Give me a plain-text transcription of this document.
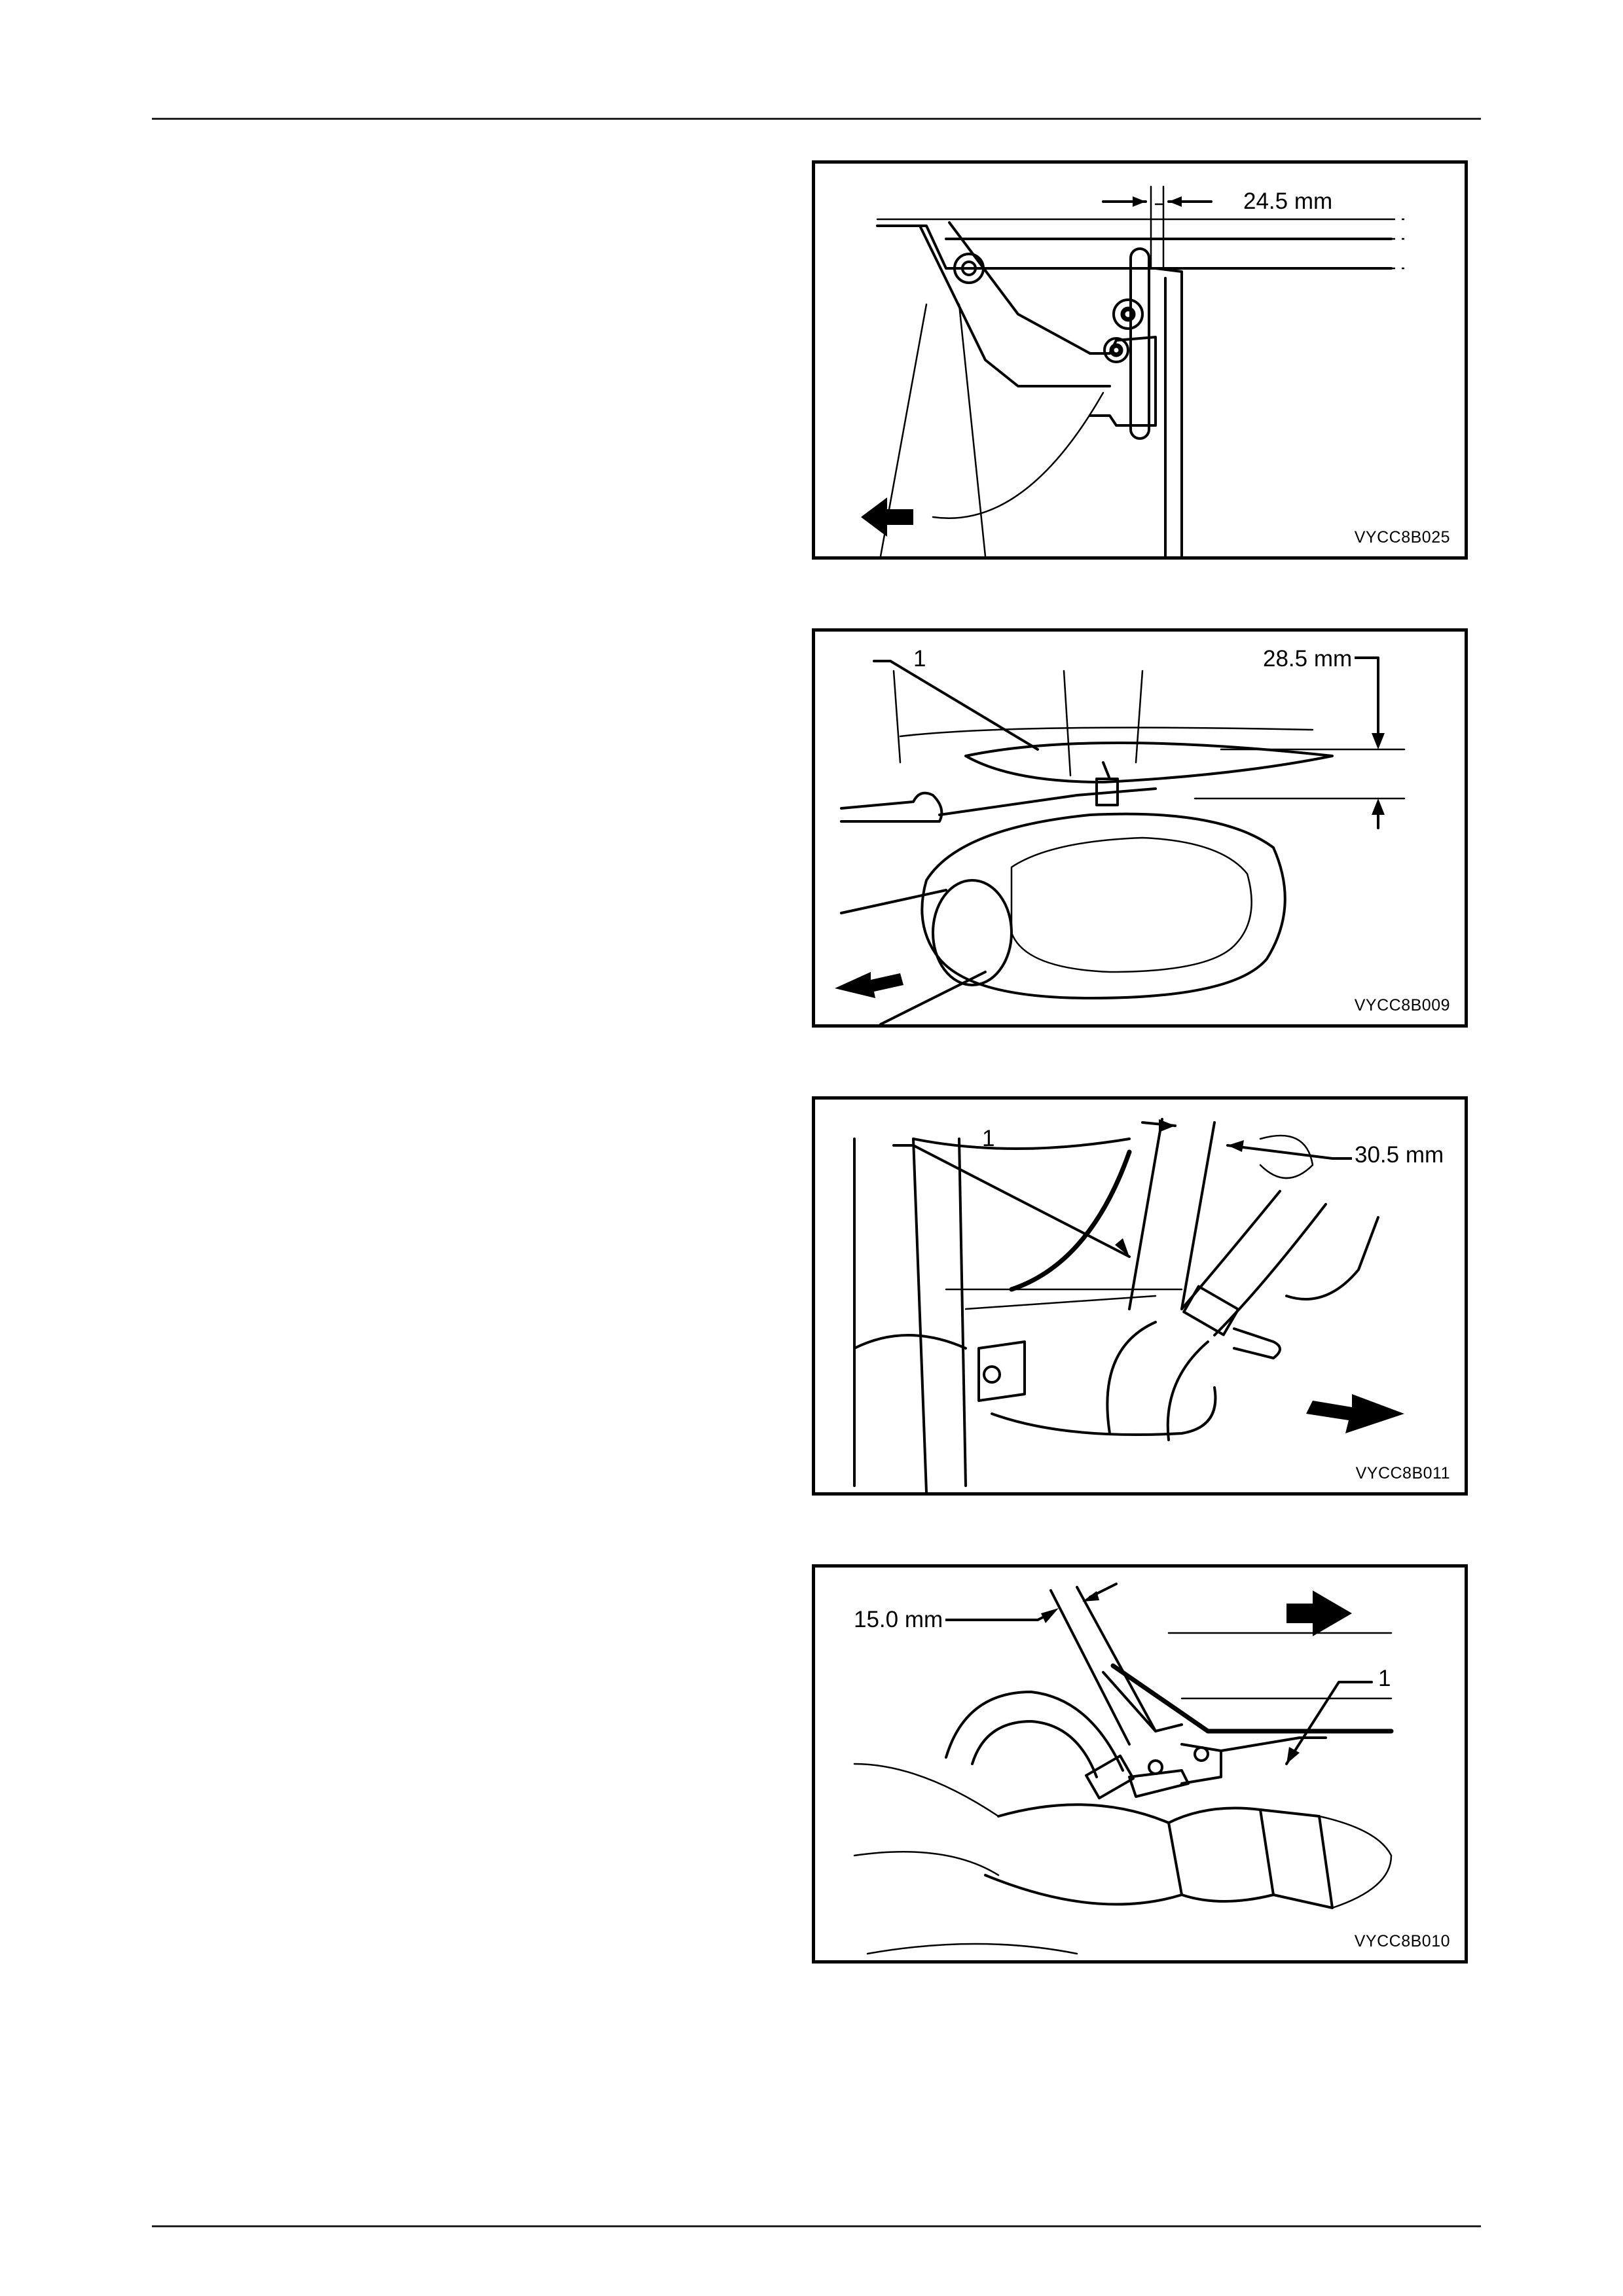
24.5 mm
VYCC8B025
1	28.5 mm
VYCC8B009
1
30.5 mm
VYCC8B011
15.0 mm
1
VYCC8B010
